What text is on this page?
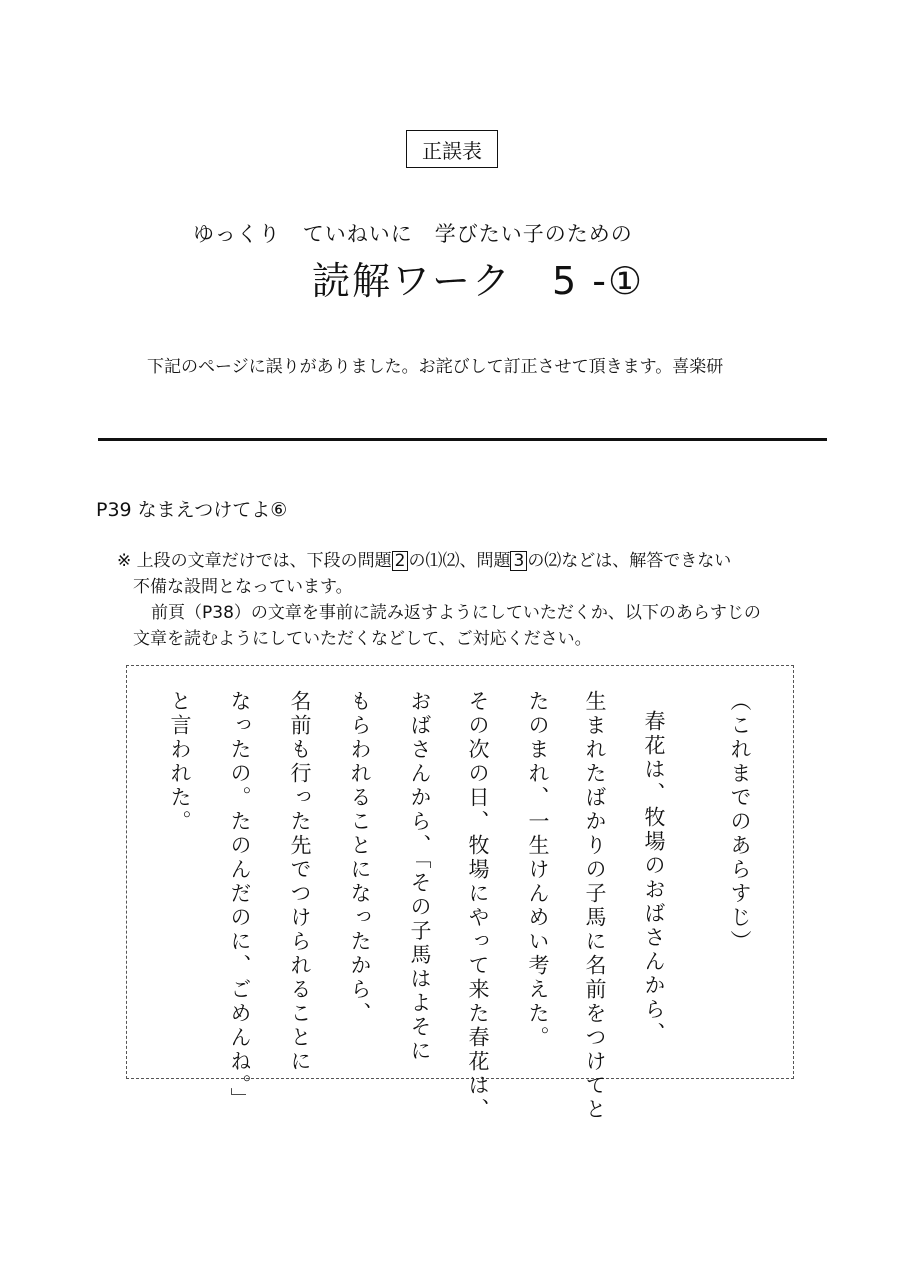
正誤表
ゆっくり　ていねいに　学びたい子のための
読解ワーク　5 -①
下記のページに誤りがありました。お詫びして訂正させて頂きます。喜楽研
P39 なまえつけてよ⑥
※ 上段の文章だけでは、下段の問題 2 の⑴⑵、問題 3 の⑵などは、解答できない
不備な設問となっています。
前頁（P38）の文章を事前に読み返すようにしていただくか、以下のあらすじの
文章を読むようにしていただくなどして、ご対応ください。
（これまでのあらすじ）
春花は、牧場のおばさんから、
生まれたばかりの子馬に名前をつけてと
たのまれ、一生けんめい考えた。
その次の日、牧場にやって来た春花は、
おばさんから、「その子馬はよそに
もらわれることになったから、
名前も行った先でつけられることに
なったの。たのんだのに、ごめんね。」
と言われた。
